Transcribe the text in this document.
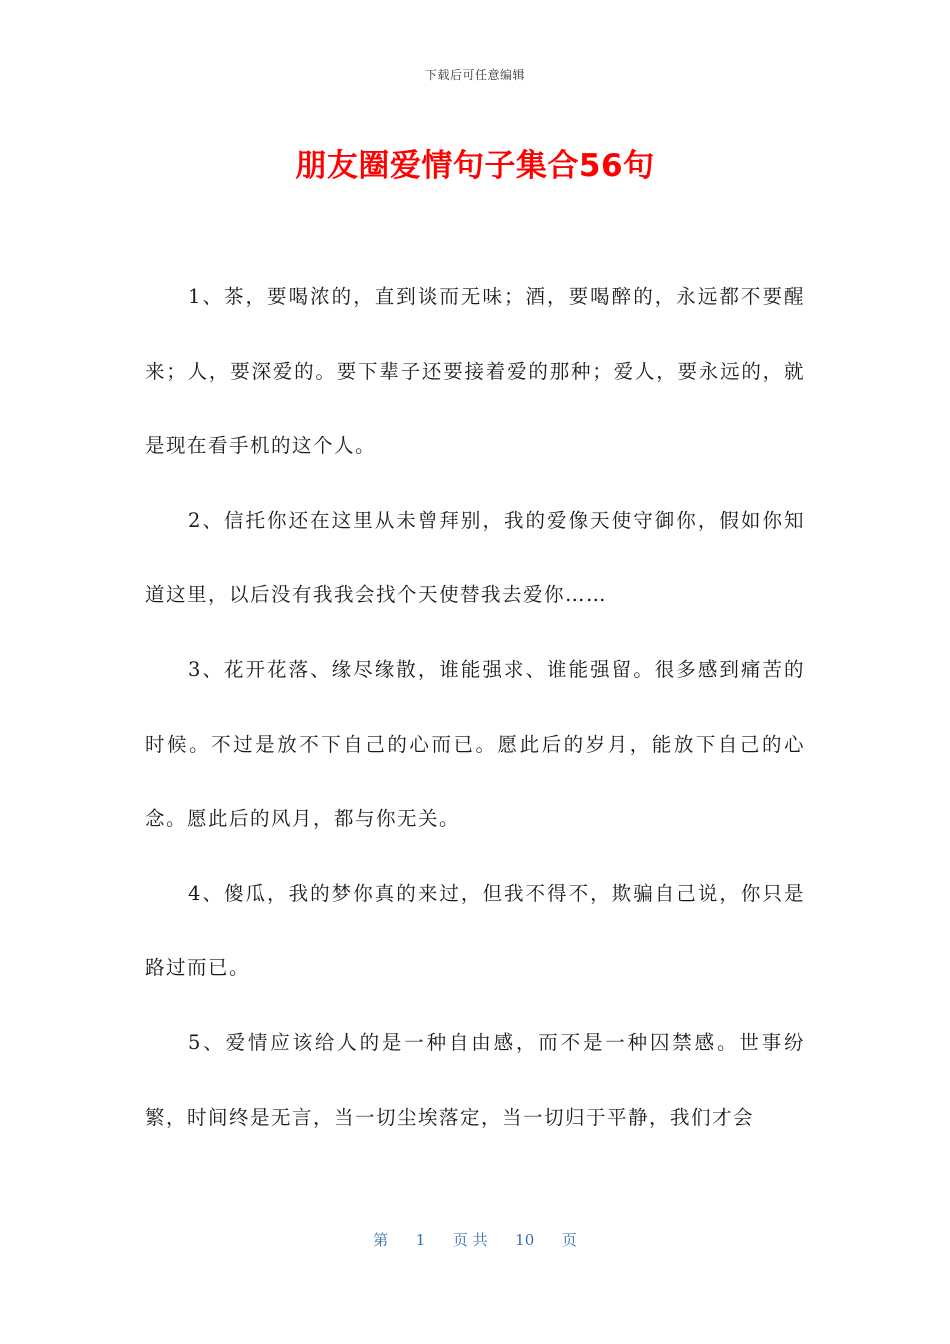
下载后可任意编辑
朋友圈爱情句子集合56句

1、茶，要喝浓的，直到谈而无味；酒，要喝醉的，永远都不要醒来；人，要深爱的。要下辈子还要接着爱的那种；爱人，要永远的，就是现在看手机的这个人。

2、信托你还在这里从未曾拜别，我的爱像天使守御你，假如你知道这里，以后没有我我会找个天使替我去爱你……

3、花开花落、缘尽缘散，谁能强求、谁能强留。很多感到痛苦的时候。不过是放不下自己的心而已。愿此后的岁月，能放下自己的心念。愿此后的风月，都与你无关。

4、傻瓜，我的梦你真的来过，但我不得不，欺骗自己说，你只是路过而已。

5、爱情应该给人的是一种自由感，而不是一种囚禁感。世事纷繁，时间终是无言，当一切尘埃落定，当一切归于平静，我们才会

第 1 页 共 10 页
